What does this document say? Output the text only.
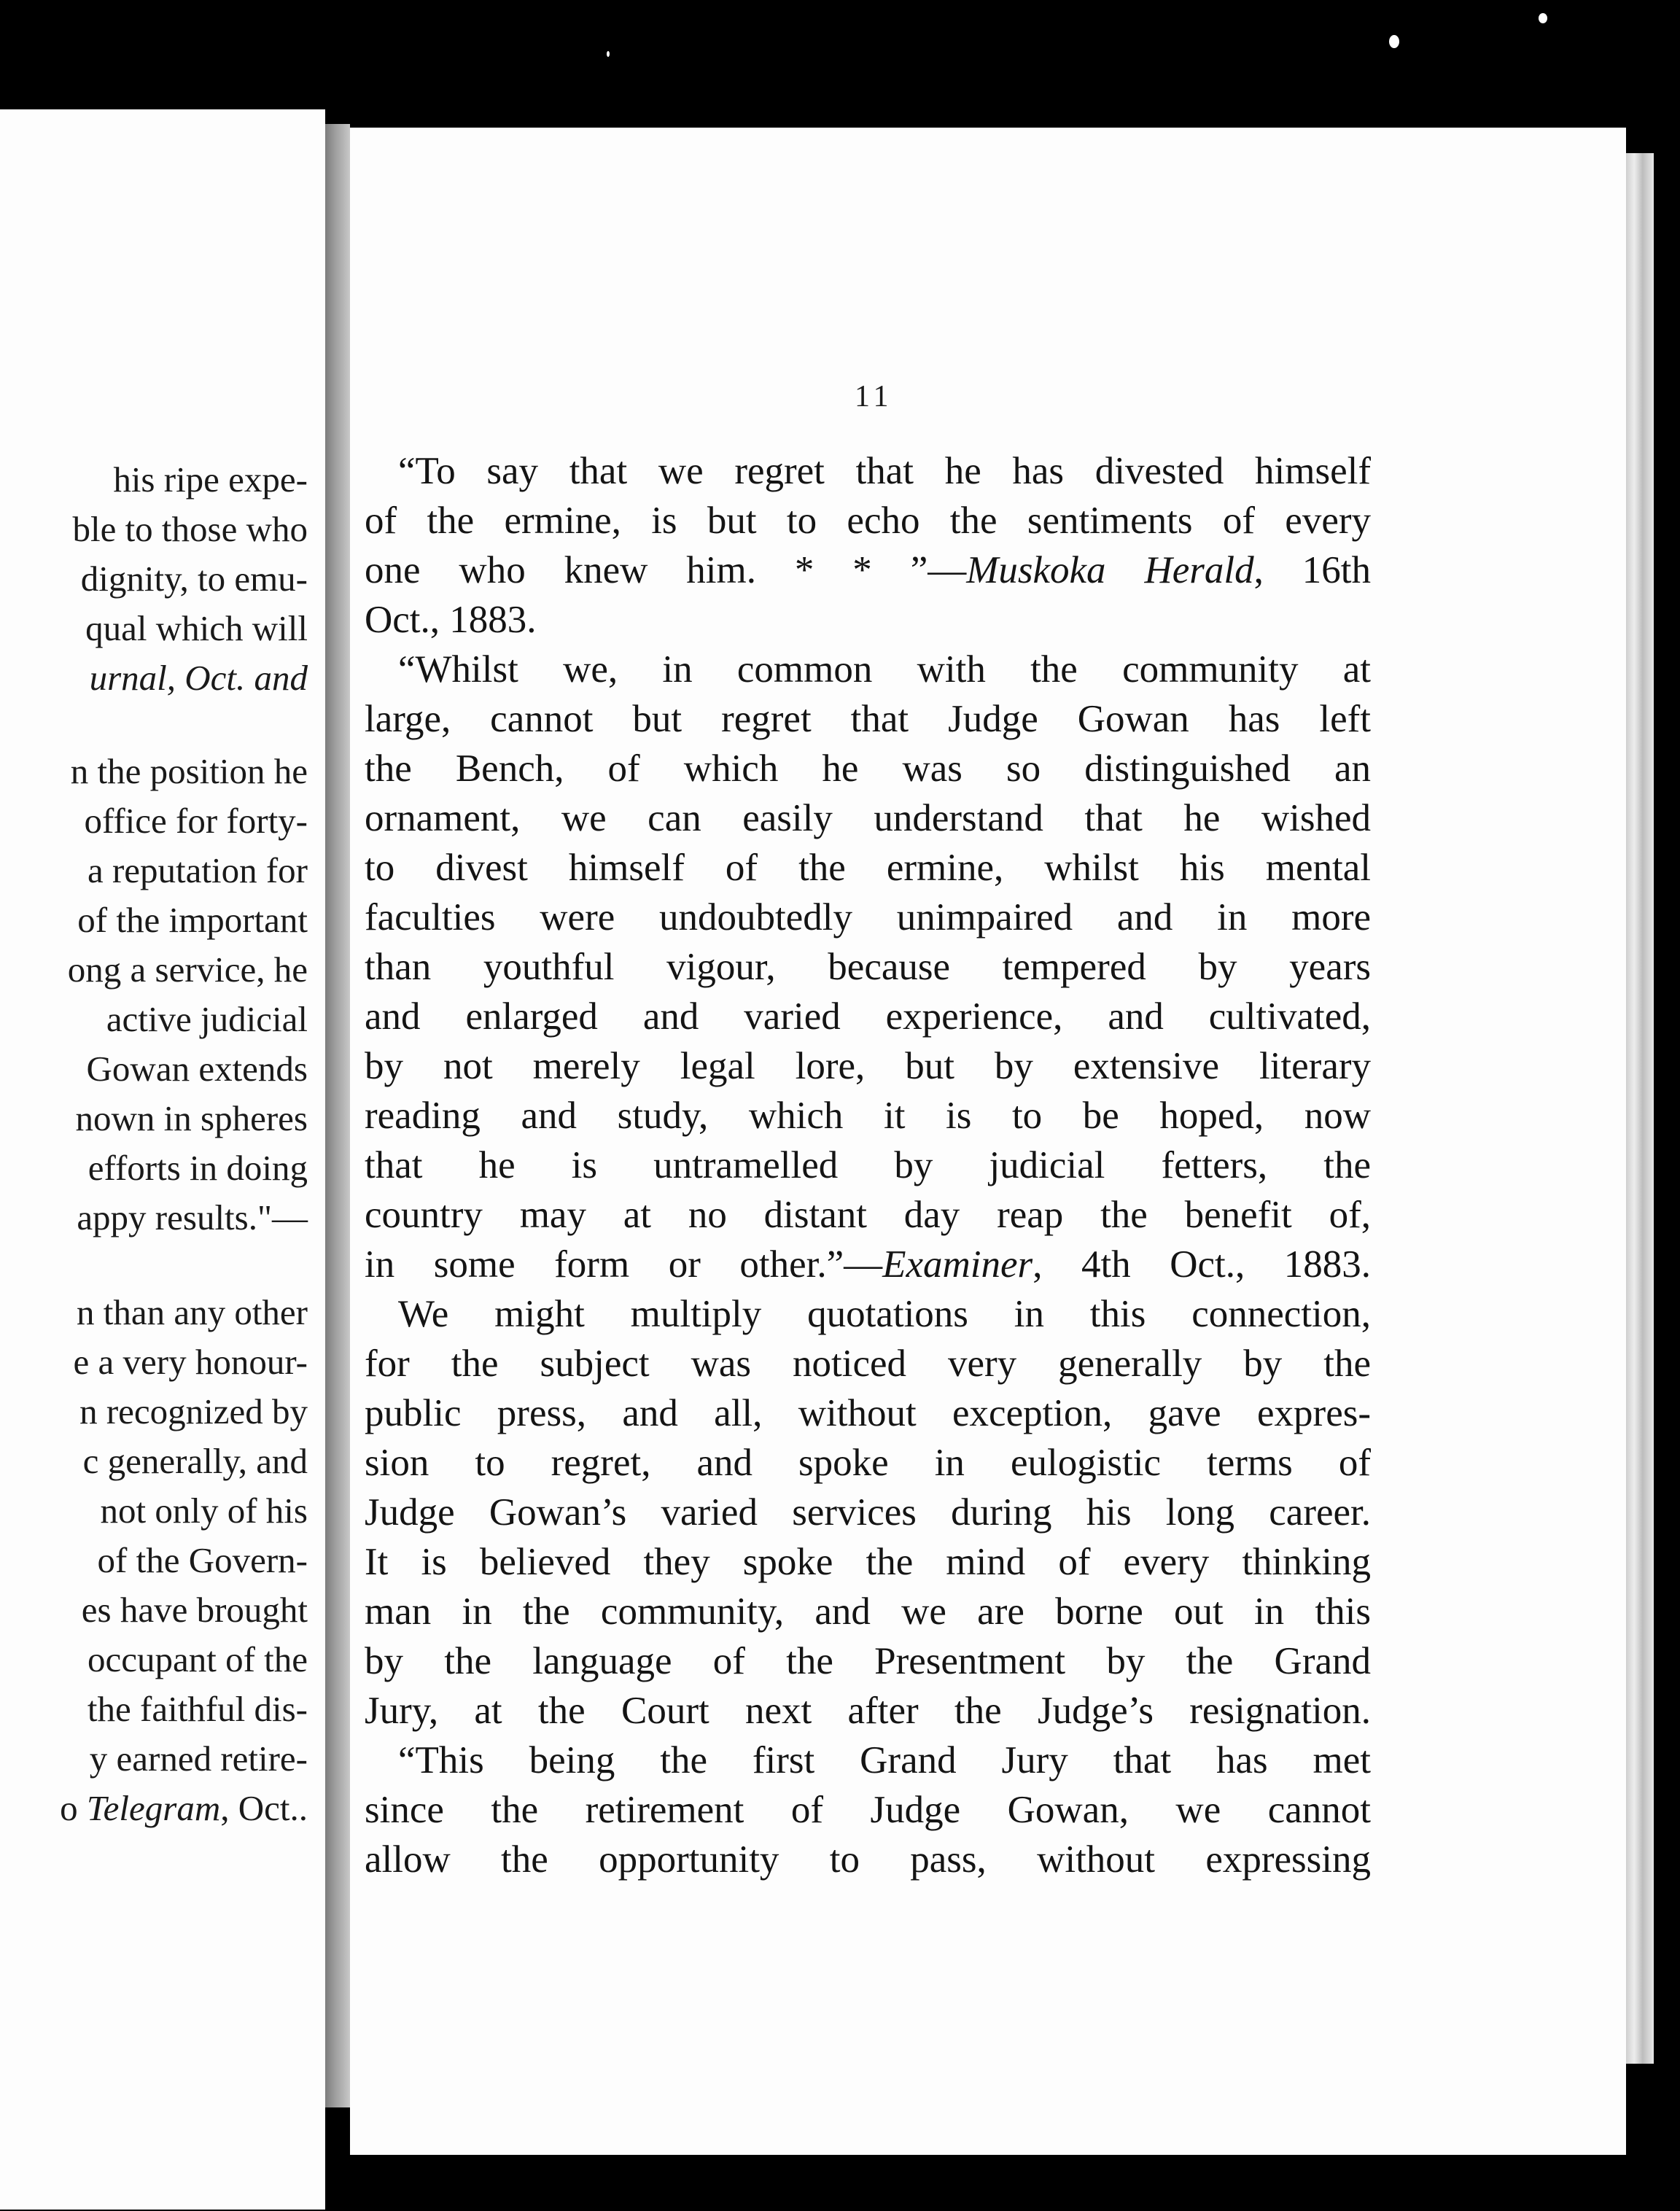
his ripe expe-
ble to those who
dignity, to emu-
qual which will
urnal, Oct. and
n the position he
office for forty-
a reputation for
of the important
ong a service, he
active judicial
Gowan extends
nown in spheres
efforts in doing
appy results."—
n than any other
e a very honour-
n recognized by
c generally, and
not only of his
of the Govern-
es have brought
occupant of the
the faithful dis-
y earned retire-
o Telegram, Oct..
11
“To say that we regret that he has divested himself
of the ermine, is but to echo the sentiments of every
one who knew him. * * ”—Muskoka Herald, 16th
Oct., 1883.
“Whilst we, in common with the community at
large, cannot but regret that Judge Gowan has left
the Bench, of which he was so distinguished an
ornament, we can easily understand that he wished
to divest himself of the ermine, whilst his mental
faculties were undoubtedly unimpaired and in more
than youthful vigour, because tempered by years
and enlarged and varied experience, and cultivated,
by not merely legal lore, but by extensive literary
reading and study, which it is to be hoped, now
that he is untramelled by judicial fetters, the
country may at no distant day reap the benefit of,
in some form or other.”—Examiner, 4th Oct., 1883.
We might multiply quotations in this connection,
for the subject was noticed very generally by the
public press, and all, without exception, gave expres-
sion to regret, and spoke in eulogistic terms of
Judge Gowan’s varied services during his long career.
It is believed they spoke the mind of every thinking
man in the community, and we are borne out in this
by the language of the Presentment by the Grand
Jury, at the Court next after the Judge’s resignation.
“This being the first Grand Jury that has met
since the retirement of Judge Gowan, we cannot
allow the opportunity to pass, without expressing
